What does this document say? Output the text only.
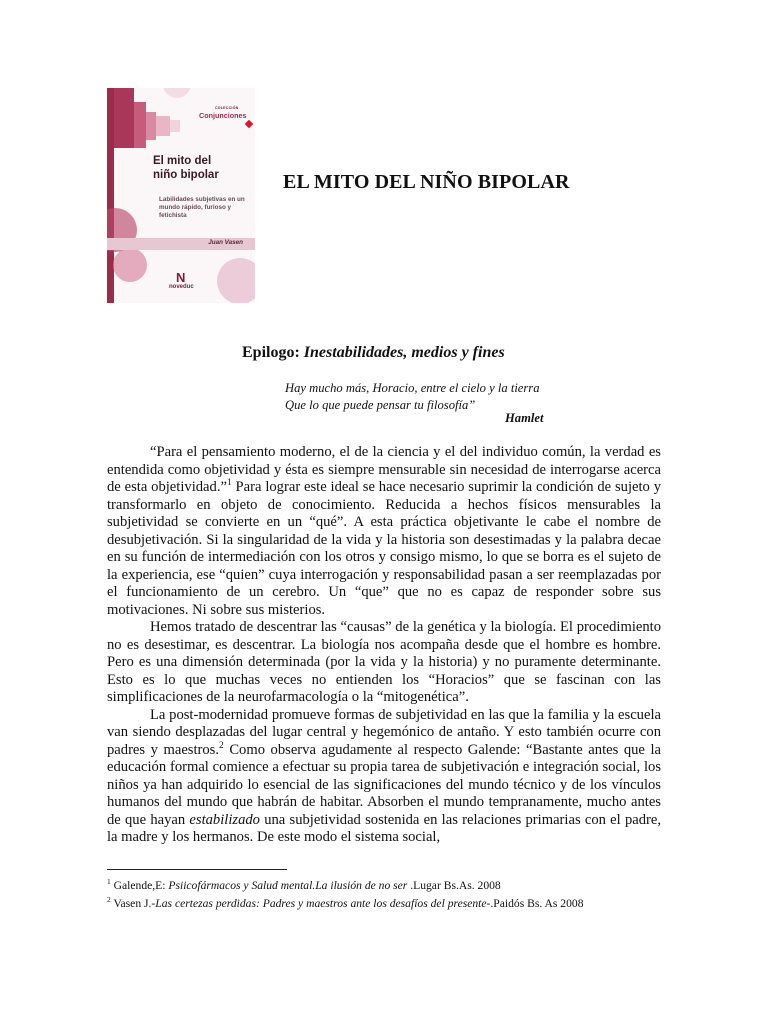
COLECCIÓN
Conjunciones
El mito del
niño bipolar
Labilidades subjetivas en un mundo rápido, furioso y fetichista
Juan Vasen
N
noveduc
EL MITO DEL NIÑO BIPOLAR
Epilogo: Inestabilidades, medios y fines
Hay mucho más, Horacio, entre el cielo y la tierra
Que lo que puede pensar tu filosofía”
Hamlet

“Para el pensamiento moderno, el de la ciencia y el del individuo común, la verdad es entendida como objetividad y ésta es siempre mensurable sin necesidad de interrogarse acerca de esta objetividad.”$^1$ Para lograr este ideal se hace necesario suprimir la condición de sujeto y transformarlo en objeto de conocimiento. Reducida a hechos físicos mensurables la subjetividad se convierte en un “qué”. A esta práctica objetivante le cabe el nombre de desubjetivación. Si la singularidad de la vida y la historia son desestimadas y la palabra decae en su función de intermediación con los otros y consigo mismo, lo que se borra es el sujeto de la experiencia, ese “quien” cuya interrogación y responsabilidad pasan a ser reemplazadas por el funcionamiento de un cerebro. Un “que” que no es capaz de responder sobre sus motivaciones. Ni sobre sus misterios.

Hemos tratado de descentrar las “causas” de la genética y la biología. El procedimiento no es desestimar, es descentrar. La biología nos acompaña desde que el hombre es hombre. Pero es una dimensión determinada (por la vida y la historia) y no puramente determinante. Esto es lo que muchas veces no entienden los “Horacios” que se fascinan con las simplificaciones de la neurofarmacología o la “mitogenética”.

La post-modernidad promueve formas de subjetividad en las que la familia y la escuela van siendo desplazadas del lugar central y hegemónico de antaño. Y esto también ocurre con padres y maestros.$^2$ Como observa agudamente al respecto Galende: “Bastante antes que la educación formal comience a efectuar su propia tarea de subjetivación e integración social, los niños ya han adquirido lo esencial de las significaciones del mundo técnico y de los vínculos humanos del mundo que habrán de habitar. Absorben el mundo tempranamente, mucho antes de que hayan estabilizado una subjetividad sostenida en las relaciones primarias con el padre, la madre y los hermanos. De este modo el sistema social,

$^1$ Galende,E: Psiicofármacos y Salud mental.La ilusión de no ser .Lugar Bs.As. 2008
$^2$ Vasen J.-Las certezas perdidas: Padres y maestros ante los desafíos del presente-.Paidós Bs. As 2008
